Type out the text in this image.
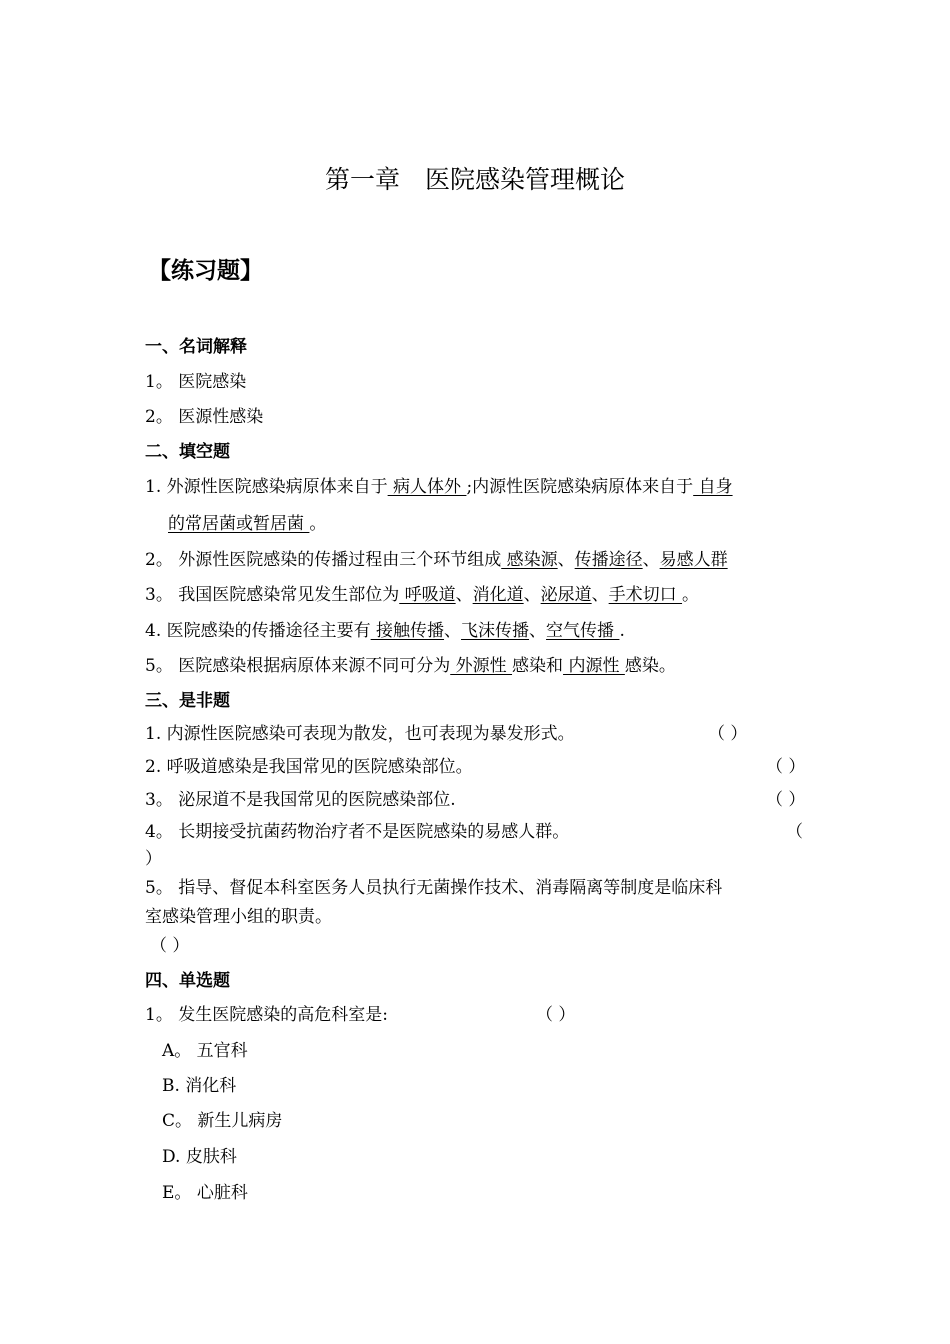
第一章　医院感染管理概论
【练习题】
一、名词解释
1。 医院感染
2。 医源性感染
二、填空题
1. 外源性医院感染病原体来自于 病人体外 ;内源性医院感染病原体来自于 自身
的常居菌或暂居菌 。
2。 外源性医院感染的传播过程由三个环节组成 感染源、传播途径、易感人群
3。 我国医院感染常见发生部位为 呼吸道、消化道、泌尿道、手术切口 。
4. 医院感染的传播途径主要有 接触传播、飞沫传播、空气传播 .
5。 医院感染根据病原体来源不同可分为 外源性 感染和 内源性 感染。
三、是非题
1. 内源性医院感染可表现为散发，也可表现为暴发形式。	（ ）
2. 呼吸道感染是我国常见的医院感染部位。	（ ）
3。 泌尿道不是我国常见的医院感染部位.	（ ）
4。 长期接受抗菌药物治疗者不是医院感染的易感人群。	（
）
5。 指导、督促本科室医务人员执行无菌操作技术、消毒隔离等制度是临床科
室感染管理小组的职责。
（ ）
四、单选题
1。 发生医院感染的高危科室是:	（ ）
A。 五官科
B. 消化科
C。 新生儿病房
D. 皮肤科
E。 心脏科
